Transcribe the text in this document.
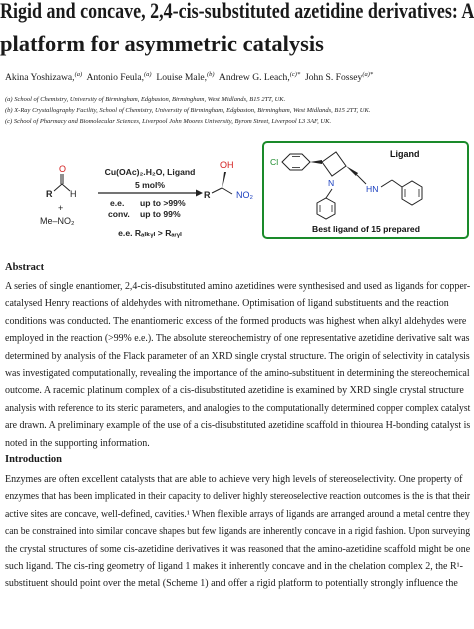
Rigid and concave, 2,4-cis-substituted azetidine derivatives: A
platform for asymmetric catalysis
Akina Yoshizawa,$^{(a)}$ Antonio Feula,$^{(a)}$ Louise Male,$^{(b)}$ Andrew G. Leach,$^{(c)*}$ John S. Fossey$^{(a)*}$
(a) School of Chemistry, University of Birmingham, Edgbaston, Birmingham, West Midlands, B15 2TT, UK.
(b) X-Ray Crystallography Facility, School of Chemistry, University of Birmingham, Edgbaston, Birmingham, West Midlands, B15 2TT, UK.
(c) School of Pharmacy and Biomolecular Sciences, Liverpool John Moores University, Byrom Street, Liverpool L3 3AF, UK.
O
R H
+
Me–NO₂
Cu(OAc)₂.H₂O, Ligand
5 mol%
e.e. up to >99%
conv. up to 99%
e.e. Rₐₗₖᵧₗ > Rₐᵣᵧₗ
OH
R	NO₂
Ligand
Cl
N
HN
Best ligand of 15 prepared
Abstract
A series of single enantiomer, 2,4-cis-disubstituted amino azetidines were synthesised and used as ligands for copper-
catalysed Henry reactions of aldehydes with nitromethane. Optimisation of ligand substituents and the reaction
conditions was conducted. The enantiomeric excess of the formed products was highest when alkyl aldehydes were
employed in the reaction (>99% e.e.). The absolute stereochemistry of one representative azetidine derivative salt was
determined by analysis of the Flack parameter of an XRD single crystal structure. The origin of selectivity in catalysis
was investigated computationally, revealing the importance of the amino-substituent in determining the stereochemical
outcome. A racemic platinum complex of a cis-disubstituted azetidine is examined by XRD single crystal structure
analysis with reference to its steric parameters, and analogies to the computationally determined copper complex catalyst
are drawn. A preliminary example of the use of a cis-disubstituted azetidine scaffold in thiourea H-bonding catalyst is
noted in the supporting information.
Introduction
Enzymes are often excellent catalysts that are able to achieve very high levels of stereoselectivity. One property of
enzymes that has been implicated in their capacity to deliver highly stereoselective reaction outcomes is the is that their
active sites are concave, well-defined, cavities.¹ When flexible arrays of ligands are arranged around a metal centre they
can be constrained into similar concave shapes but few ligands are inherently concave in a rigid fashion. Upon surveying
the crystal structures of some cis-azetidine derivatives it was reasoned that the amino-azetidine scaffold might be one
such ligand. The cis-ring geometry of ligand 1 makes it inherently concave and in the chelation complex 2, the R¹-
substituent should point over the metal (Scheme 1) and offer a rigid platform to potentially strongly influence the
